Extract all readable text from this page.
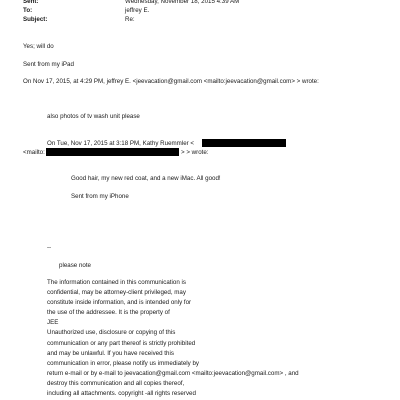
Sent:	Wednesday, November 18, 2015 4:39 AM
To:	jeffrey E.
Subject:	Re:
Yes; will do
Sent from my iPad
On Nov 17, 2015, at 4:29 PM, jeffrey E. <jeevacation@gmail.com <mailto:jeevacation@gmail.com> > wrote:
also photos of tv wash unit please
On Tue, Nov 17, 2015 at 3:18 PM, Kathy Ruemmler <
<mailto:	> > wrote:
Good hair, my new red coat, and a new iMac. All good!
Sent from my iPhone
--
please note
The information contained in this communication is
confidential, may be attorney-client privileged, may
constitute inside information, and is intended only for
the use of the addressee. It is the property of
JEE
Unauthorized use, disclosure or copying of this
communication or any part thereof is strictly prohibited
and may be unlawful. If you have received this
communication in error, please notify us immediately by
return e-mail or by e-mail to jeevacation@gmail.com <mailto:jeevacation@gmail.com> , and
destroy this communication and all copies thereof,
including all attachments. copyright -all rights reserved
